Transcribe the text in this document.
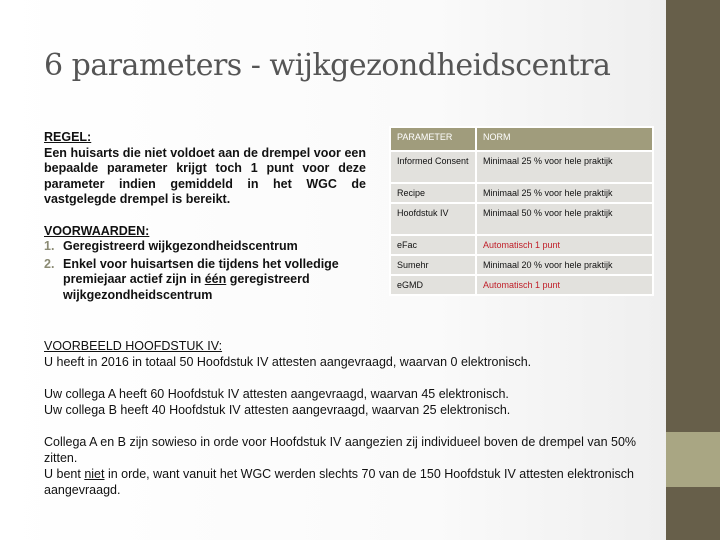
6 parameters - wijkgezondheidscentra
REGEL:

Een huisarts die niet voldoet aan de drempel voor een bepaalde parameter krijgt toch 1 punt voor deze parameter indien gemiddeld in het WGC de vastgelegde drempel is bereikt.

VOORWAARDEN:
1. Geregistreerd wijkgezondheidscentrum
2. Enkel voor huisartsen die tijdens het volledige premiejaar actief zijn in één geregistreerd wijkgezondheidscentrum
PARAMETER	NORM
Informed Consent	Minimaal 25 % voor hele praktijk
Recipe	Minimaal 25 % voor hele praktijk
Hoofdstuk IV	Minimaal 50 % voor hele praktijk
eFac	Automatisch 1 punt
Sumehr	Minimaal 20 % voor hele praktijk
eGMD	Automatisch 1 punt
VOORBEELD HOOFDSTUK IV:

U heeft in 2016 in totaal 50 Hoofdstuk IV attesten aangevraagd, waarvan 0 elektronisch.

Uw collega A heeft 60 Hoofdstuk IV attesten aangevraagd, waarvan 45 elektronisch.

Uw collega B heeft 40 Hoofdstuk IV attesten aangevraagd, waarvan 25 elektronisch.

Collega A en B zijn sowieso in orde voor Hoofdstuk IV aangezien zij individueel boven de drempel van 50% zitten.

U bent niet in orde, want vanuit het WGC werden slechts 70 van de 150 Hoofdstuk IV attesten elektronisch aangevraagd.
